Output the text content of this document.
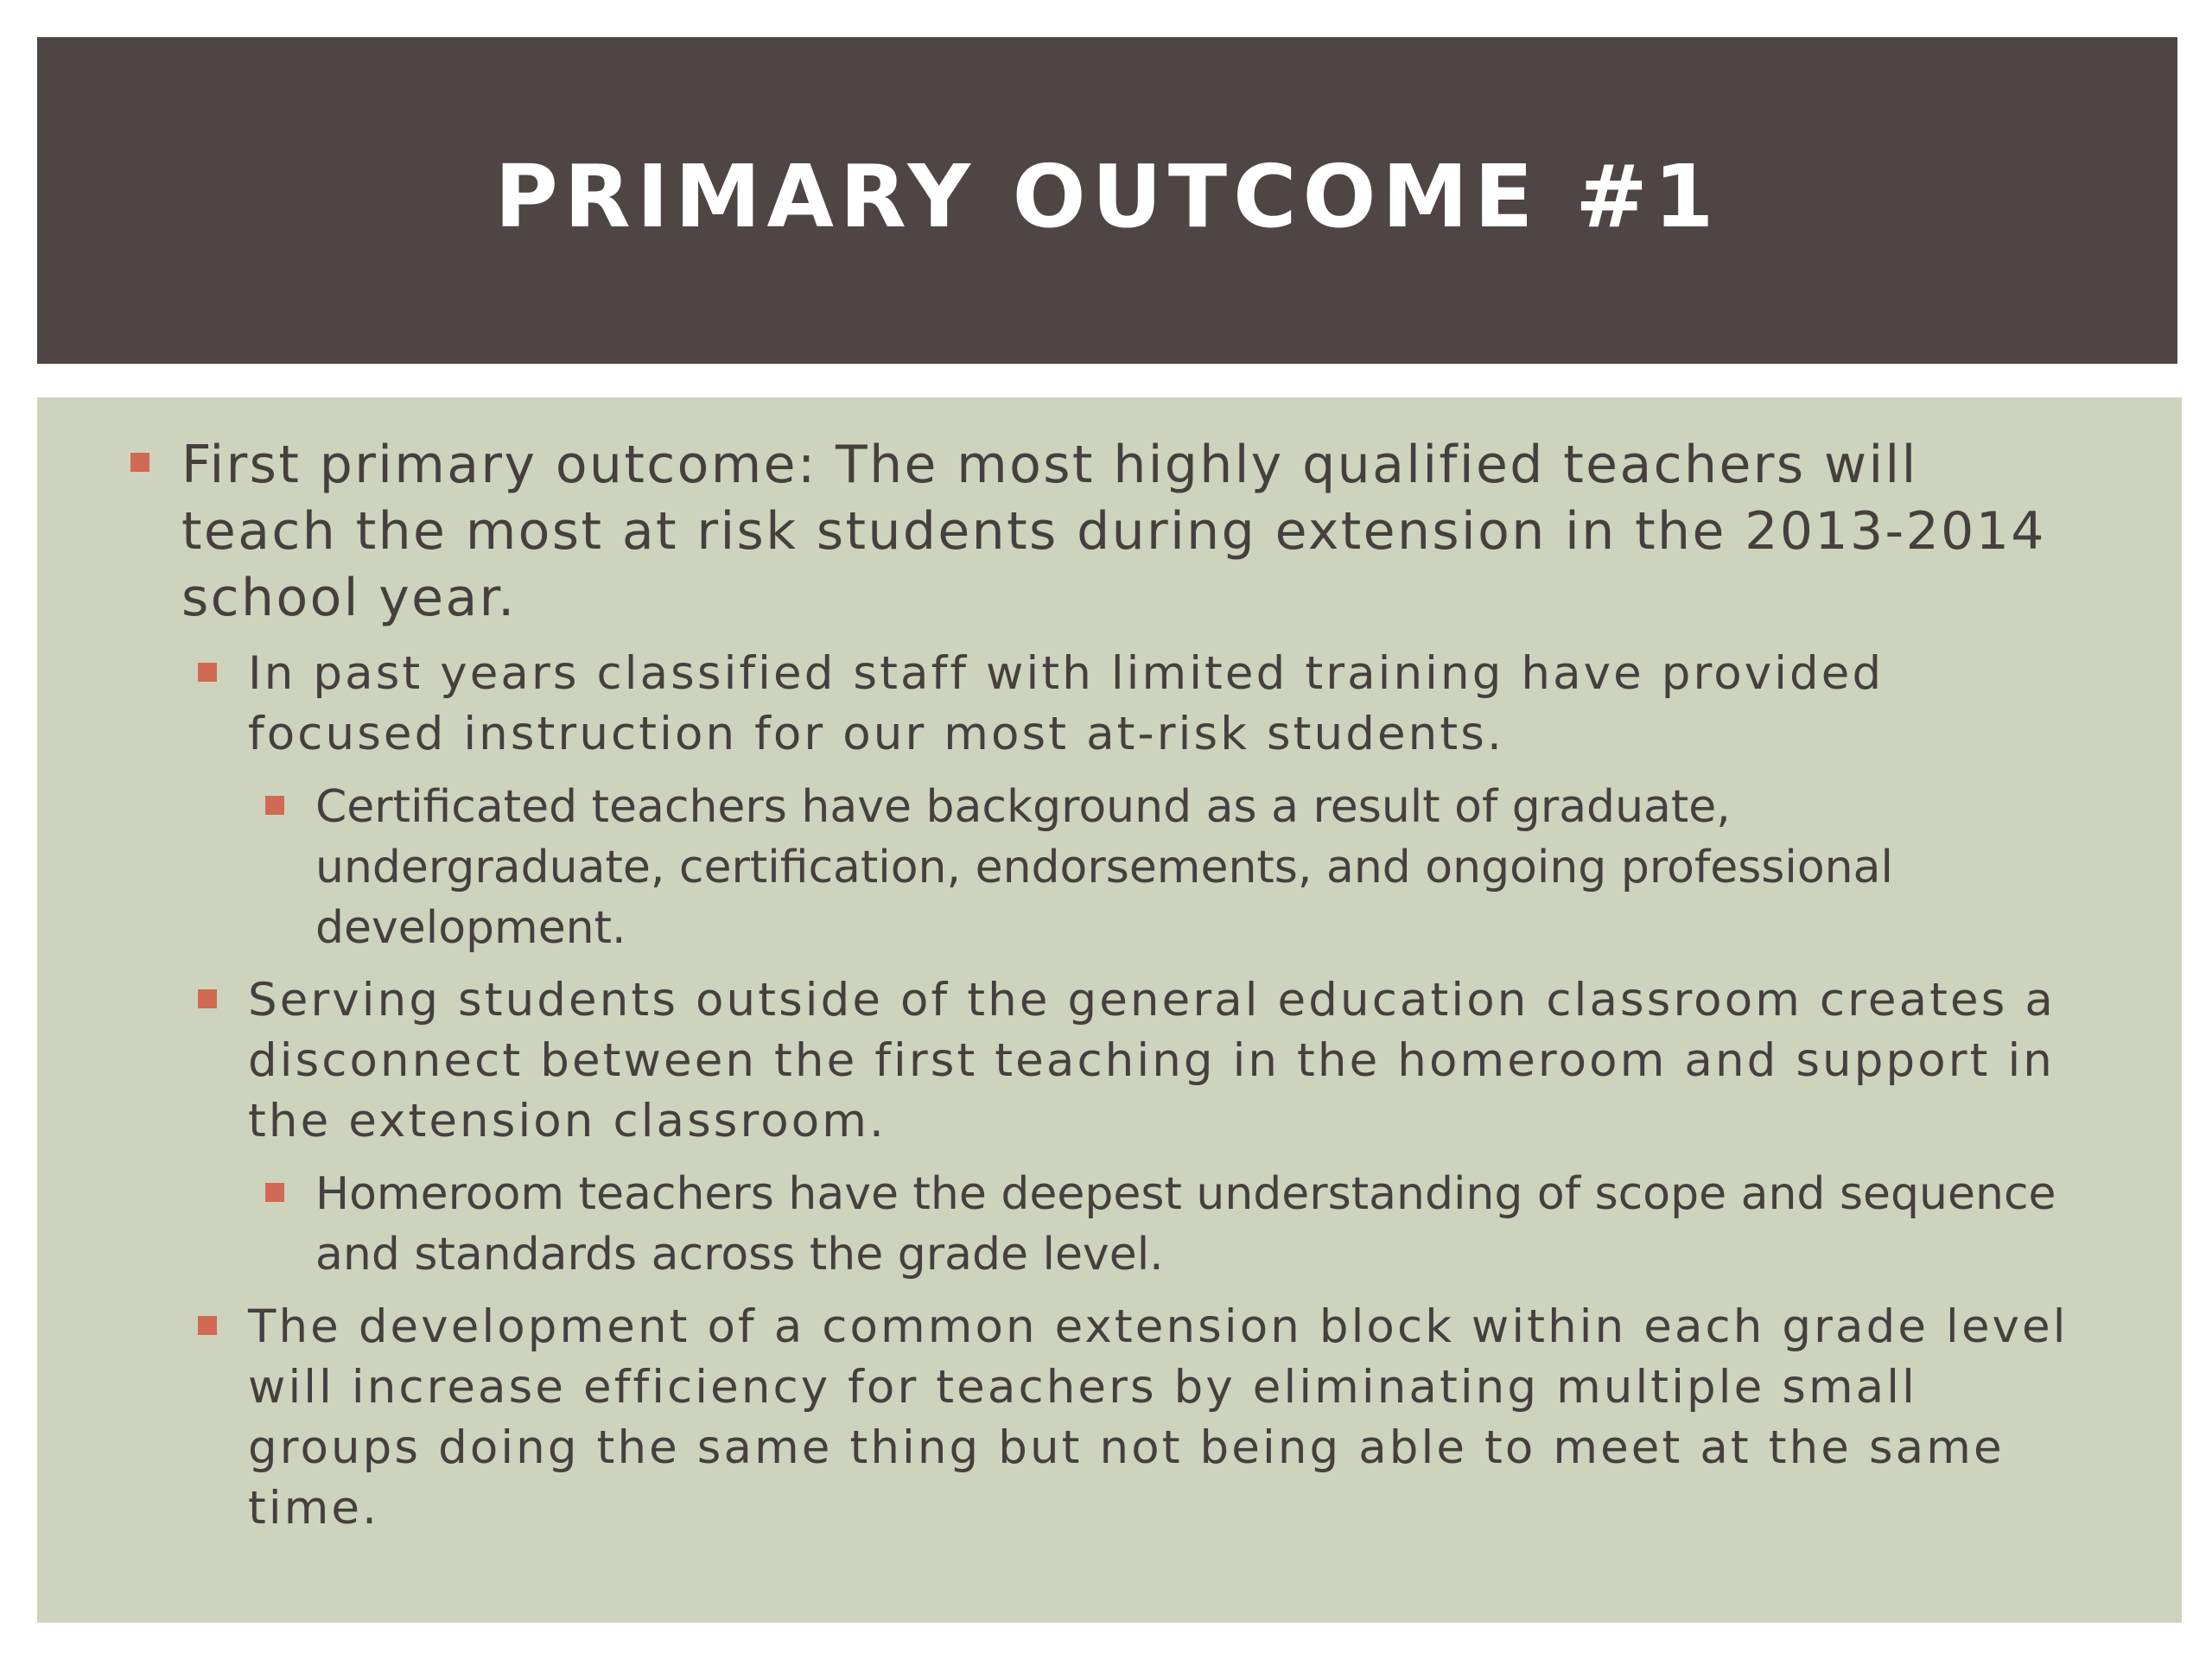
PRIMARY OUTCOME #1
First primary outcome: The most highly qualified teachers will teach the most at risk students during extension in the 2013-2014 school year.
In past years classified staff with limited training have provided focused instruction for our most at-risk students.
Certificated teachers have background as a result of graduate, undergraduate, certification, endorsements, and ongoing professional development.
Serving students outside of the general education classroom creates a disconnect between the first teaching in the homeroom and support in the extension classroom.
Homeroom teachers have the deepest understanding of scope and sequence and standards across the grade level.
The development of a common extension block within each grade level will increase efficiency for teachers by eliminating multiple small groups doing the same thing but not being able to meet at the same time.
